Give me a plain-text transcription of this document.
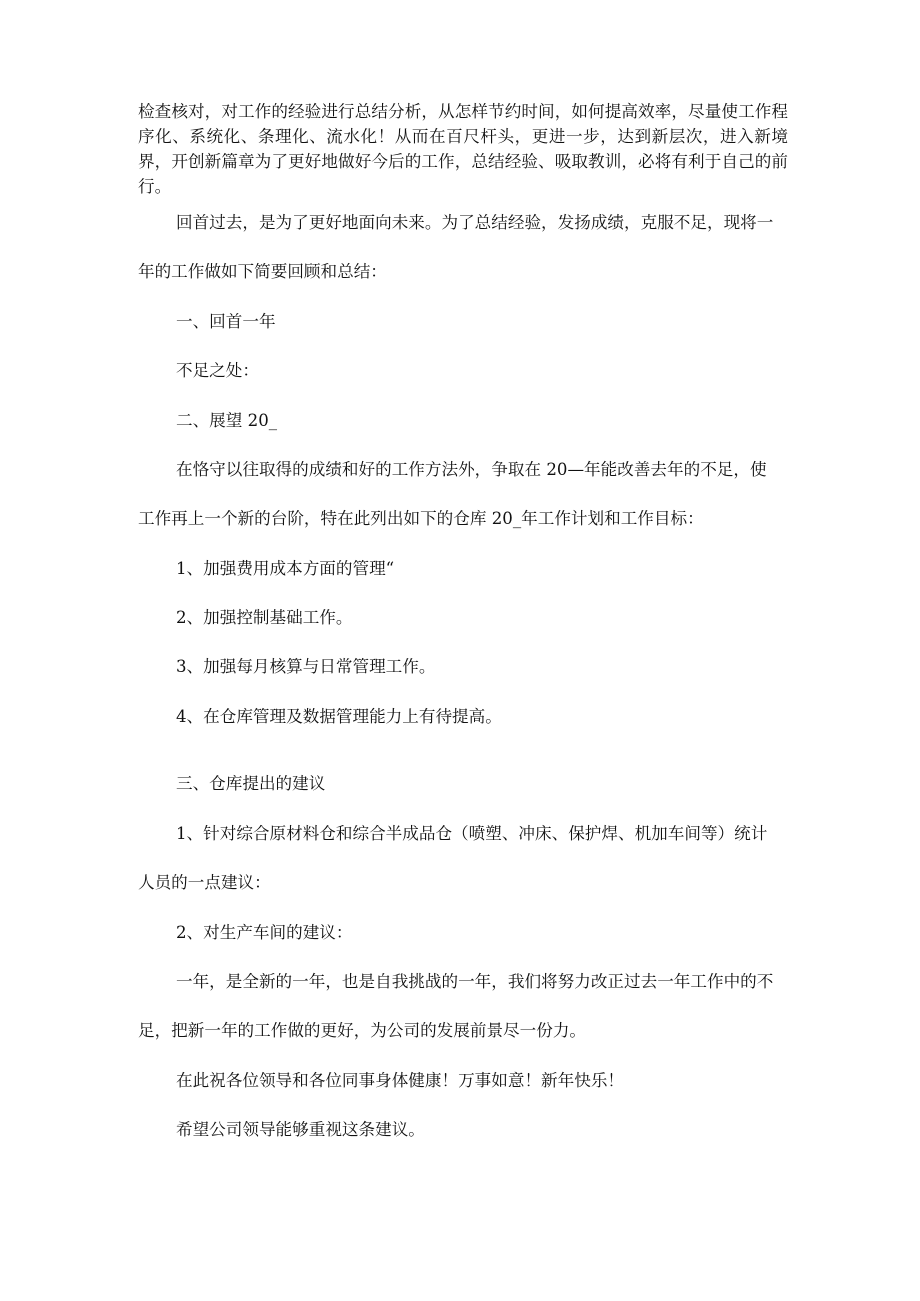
检查核对，对工作的经验进行总结分析，从怎样节约时间，如何提高效率，尽量使工作程序化、系统化、条理化、流水化！从而在百尺杆头，更进一步，达到新层次，进入新境界，开创新篇章为了更好地做好今后的工作，总结经验、吸取教训，必将有利于自己的前行。

回首过去，是为了更好地面向未来。为了总结经验，发扬成绩，克服不足，现将一
年的工作做如下简要回顾和总结：
一、回首一年
不足之处：
二、展望 20_
在恪守以往取得的成绩和好的工作方法外，争取在 20—年能改善去年的不足，使
工作再上一个新的台阶，特在此列出如下的仓库 20_年工作计划和工作目标：
1、加强费用成本方面的管理“
2、加强控制基础工作。
3、加强每月核算与日常管理工作。
4、在仓库管理及数据管理能力上有待提高。
三、仓库提出的建议
1、针对综合原材料仓和综合半成品仓（喷塑、冲床、保护焊、机加车间等）统计
人员的一点建议：
2、对生产车间的建议：
一年，是全新的一年，也是自我挑战的一年，我们将努力改正过去一年工作中的不
足，把新一年的工作做的更好，为公司的发展前景尽一份力。
在此祝各位领导和各位同事身体健康！万事如意！新年快乐！
希望公司领导能够重视这条建议。
